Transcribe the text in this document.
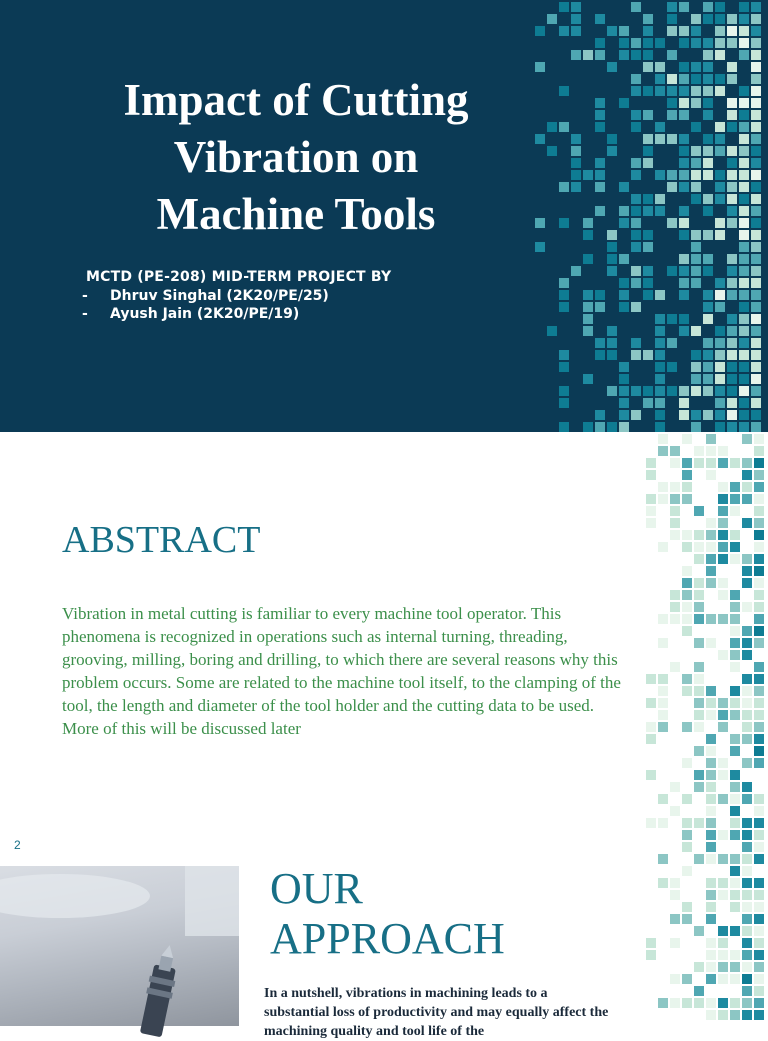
Impact of Cutting
Vibration on
Machine Tools
MCTD (PE-208) MID-TERM PROJECT BY
- Dhruv Singhal (2K20/PE/25)
- Ayush Jain (2K20/PE/19)
ABSTRACT

Vibration in metal cutting is familiar to every machine tool operator. This phenomena is recognized in operations such as internal turning, threading, grooving, milling, boring and drilling, to which there are several reasons why this problem occurs. Some are related to the machine tool itself, to the clamping of the tool, the length and diameter of the tool holder and the cutting data to be used. More of this will be discussed later

2
OUR
APPROACH

In a nutshell, vibrations in machining leads to a substantial loss of productivity and may equally affect the machining quality and tool life of the
